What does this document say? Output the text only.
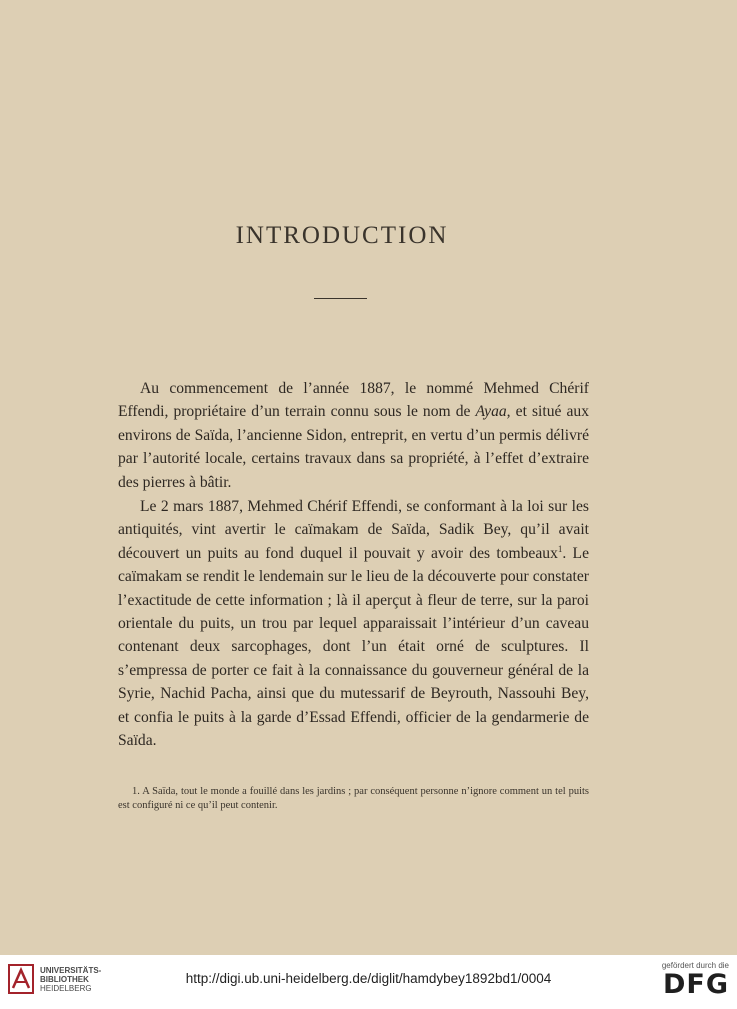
INTRODUCTION

Au commencement de l’année 1887, le nommé Mehmed Chérif Effendi, propriétaire d’un terrain connu sous le nom de Ayaa, et situé aux environs de Saïda, l’ancienne Sidon, entreprit, en vertu d’un permis délivré par l’autorité locale, certains travaux dans sa propriété, à l’effet d’extraire des pierres à bâtir.

Le 2 mars 1887, Mehmed Chérif Effendi, se conformant à la loi sur les antiquités, vint avertir le caïmakam de Saïda, Sadik Bey, qu’il avait découvert un puits au fond duquel il pouvait y avoir des tombeaux$^1$. Le caïmakam se rendit le lendemain sur le lieu de la découverte pour constater l’exactitude de cette information ; là il aperçut à fleur de terre, sur la paroi orientale du puits, un trou par lequel apparaissait l’intérieur d’un caveau contenant deux sarcophages, dont l’un était orné de sculptures. Il s’empressa de porter ce fait à la connaissance du gouverneur général de la Syrie, Nachid Pacha, ainsi que du mutessarif de Beyrouth, Nassouhi Bey, et confia le puits à la garde d’Essad Effendi, officier de la gendarmerie de Saïda.

1. A Saïda, tout le monde a fouillé dans les jardins ; par conséquent personne n’ignore comment un tel puits est configuré ni ce qu’il peut contenir.
UNIVERSITÄTS-
BIBLIOTHEK
HEIDELBERG
http://digi.ub.uni-heidelberg.de/diglit/hamdybey1892bd1/0004
gefördert durch die
DFG
